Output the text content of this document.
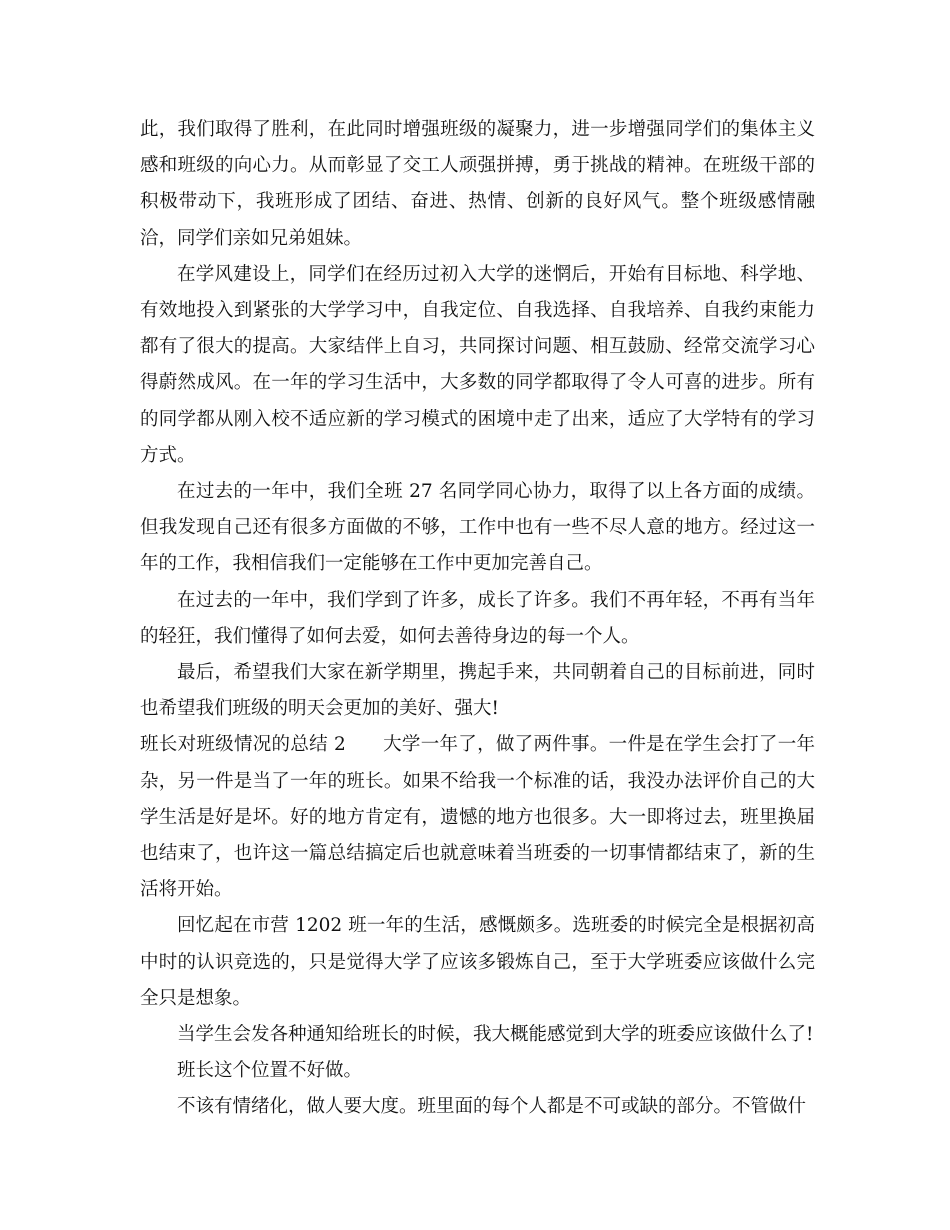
此，我们取得了胜利，在此同时增强班级的凝聚力，进一步增强同学们的集体主义感和班级的向心力。从而彰显了交工人顽强拼搏，勇于挑战的精神。在班级干部的积极带动下，我班形成了团结、奋进、热情、创新的良好风气。整个班级感情融洽，同学们亲如兄弟姐妹。

在学风建设上，同学们在经历过初入大学的迷惘后，开始有目标地、科学地、有效地投入到紧张的大学学习中，自我定位、自我选择、自我培养、自我约束能力都有了很大的提高。大家结伴上自习，共同探讨问题、相互鼓励、经常交流学习心得蔚然成风。在一年的学习生活中，大多数的同学都取得了令人可喜的进步。所有的同学都从刚入校不适应新的学习模式的困境中走了出来，适应了大学特有的学习方式。

在过去的一年中，我们全班 27 名同学同心协力，取得了以上各方面的成绩。但我发现自己还有很多方面做的不够，工作中也有一些不尽人意的地方。经过这一年的工作，我相信我们一定能够在工作中更加完善自己。

在过去的一年中，我们学到了许多，成长了许多。我们不再年轻，不再有当年的轻狂，我们懂得了如何去爱，如何去善待身边的每一个人。

最后，希望我们大家在新学期里，携起手来，共同朝着自己的目标前进，同时也希望我们班级的明天会更加的美好、强大!

班长对班级情况的总结 2 大学一年了，做了两件事。一件是在学生会打了一年杂，另一件是当了一年的班长。如果不给我一个标准的话，我没办法评价自己的大学生活是好是坏。好的地方肯定有，遗憾的地方也很多。大一即将过去，班里换届也结束了，也许这一篇总结搞定后也就意味着当班委的一切事情都结束了，新的生活将开始。

回忆起在市营 1202 班一年的生活，感慨颇多。选班委的时候完全是根据初高中时的认识竞选的，只是觉得大学了应该多锻炼自己，至于大学班委应该做什么完全只是想象。

当学生会发各种通知给班长的时候，我大概能感觉到大学的班委应该做什么了!

班长这个位置不好做。

不该有情绪化，做人要大度。班里面的每个人都是不可或缺的部分。不管做什
